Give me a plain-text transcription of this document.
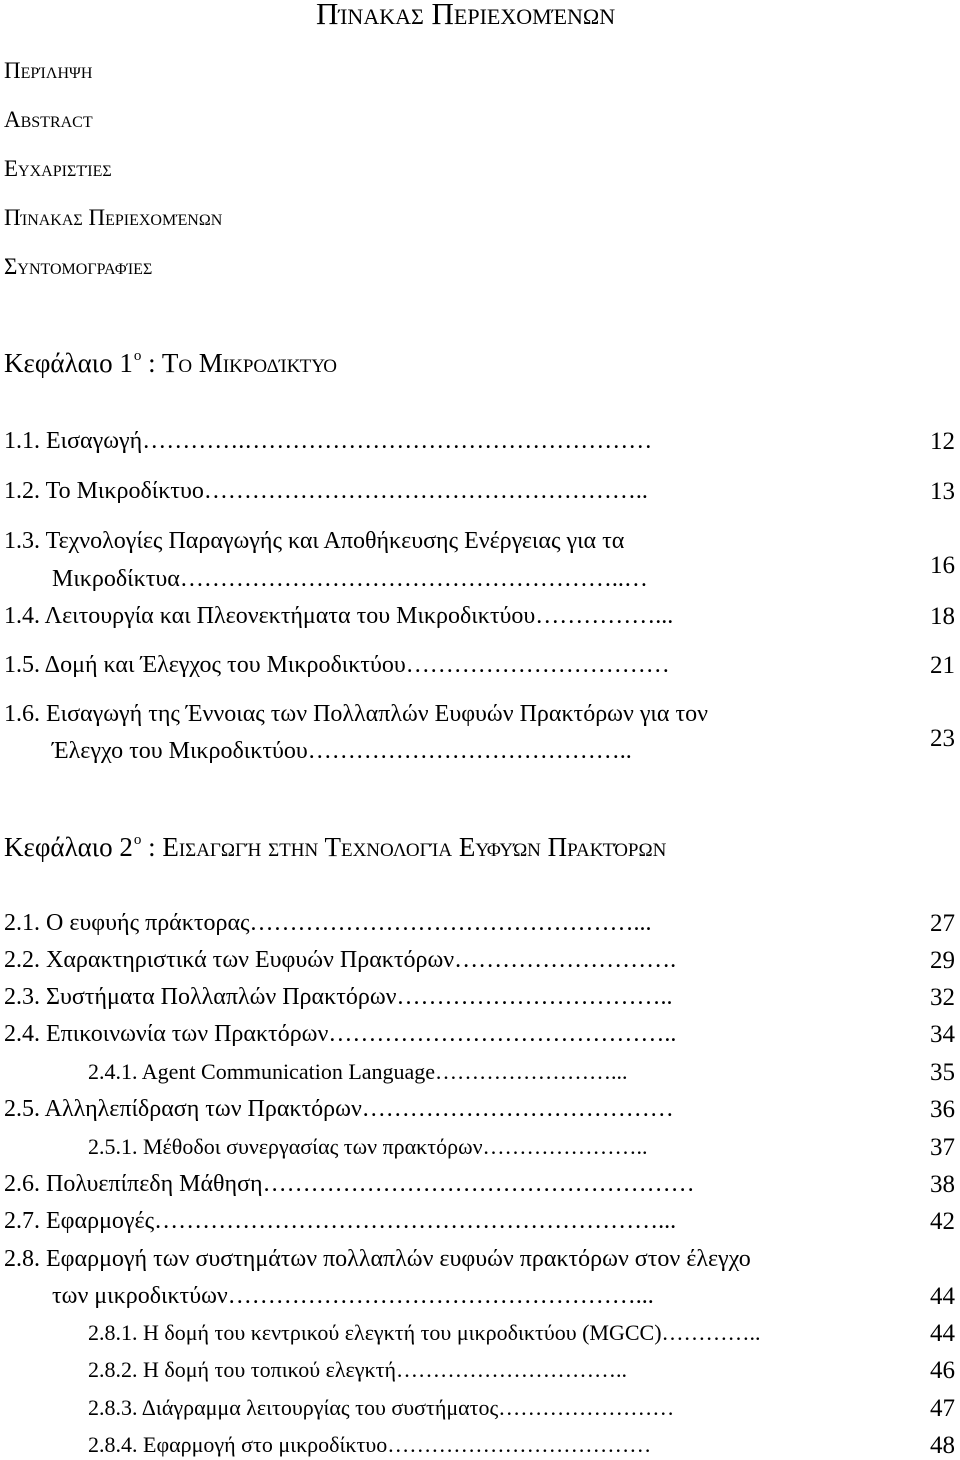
Πίνακας Περιεχομένων
Περίληψη
Abstract
Ευχαριστίες
Πίνακας Περιεχομένων
Συντομογραφίες
Κεφάλαιο $1^o$ : Το Μικροδίκτυο
1.1. Εισαγωγή………….……………………………………………	12
1.2. Το Μικροδίκτυο………………………………………………..	13
1.3. Τεχνολογίες Παραγωγής και Αποθήκευσης Ενέργειας για τα
Μικροδίκτυα………………………………………………..…	16
1.4. Λειτουργία και Πλεονεκτήματα του Μικροδικτύου……………...	18
1.5. Δομή και Έλεγχος του Μικροδικτύου……………………………	21
1.6. Εισαγωγή της Έννοιας των Πολλαπλών Ευφυών Πρακτόρων για τον
Έλεγχο του Μικροδικτύου…………………………………..	23
Κεφάλαιο $2^o$ : Εισαγωγή στην Τεχνολογία Ευφυών Πρακτόρων
2.1. Ο ευφυής πράκτορας…………………………………………...	27
2.2. Χαρακτηριστικά των Ευφυών Πρακτόρων……………………….	29
2.3. Συστήματα Πολλαπλών Πρακτόρων……………………………..	32
2.4. Επικοινωνία των Πρακτόρων……………………………………..	34
2.4.1. Agent Communication Language……………………...	35
2.5. Αλληλεπίδραση των Πρακτόρων…………………………………	36
2.5.1. Μέθοδοι συνεργασίας των πρακτόρων…………………..	37
2.6. Πολυεπίπεδη Μάθηση………………………………………………	38
2.7. Εφαρμογές………………………………………………………...	42
2.8. Εφαρμογή των συστημάτων πολλαπλών ευφυών πρακτόρων στον έλεγχο
των μικροδικτύων……………………………………………...	44
2.8.1. Η δομή του κεντρικού ελεγκτή του μικροδικτύου (MGCC)…………..	44
2.8.2. Η δομή του τοπικού ελεγκτή…………………………..	46
2.8.3. Διάγραμμα λειτουργίας του συστήματος……………………	47
2.8.4. Εφαρμογή στο μικροδίκτυο………………………………	48
